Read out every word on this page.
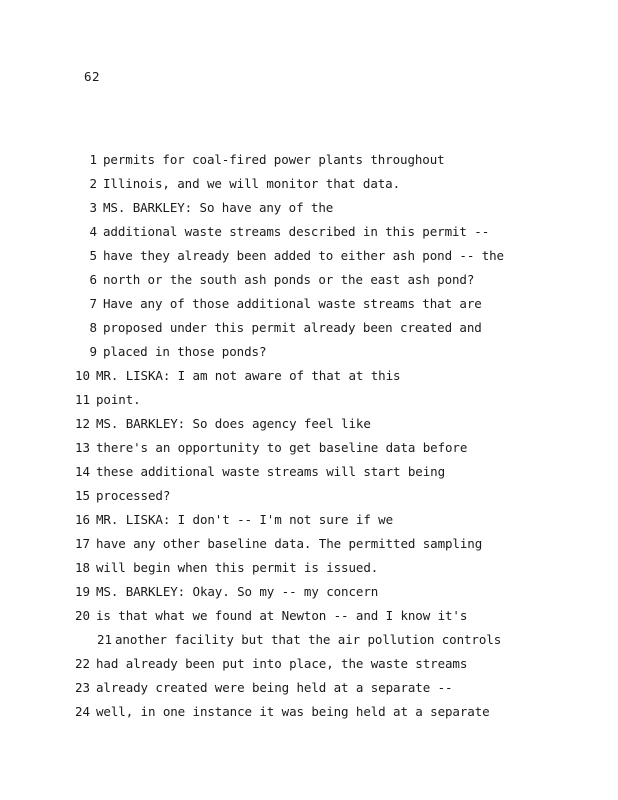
62
1 permits for coal-fired power plants throughout
2 Illinois, and we will monitor that data.
3 MS. BARKLEY: So have any of the
4 additional waste streams described in this permit --
5 have they already been added to either ash pond -- the
6 north or the south ash ponds or the east ash pond?
7 Have any of those additional waste streams that are
8 proposed under this permit already been created and
9 placed in those ponds?
10 MR. LISKA: I am not aware of that at this
11 point.
12 MS. BARKLEY: So does agency feel like
13 there's an opportunity to get baseline data before
14 these additional waste streams will start being
15 processed?
16 MR. LISKA: I don't -- I'm not sure if we
17 have any other baseline data. The permitted sampling
18 will begin when this permit is issued.
19 MS. BARKLEY: Okay. So my -- my concern
20 is that what we found at Newton -- and I know it's
21 another facility but that the air pollution controls
22 had already been put into place, the waste streams
23 already created were being held at a separate --
24 well, in one instance it was being held at a separate
